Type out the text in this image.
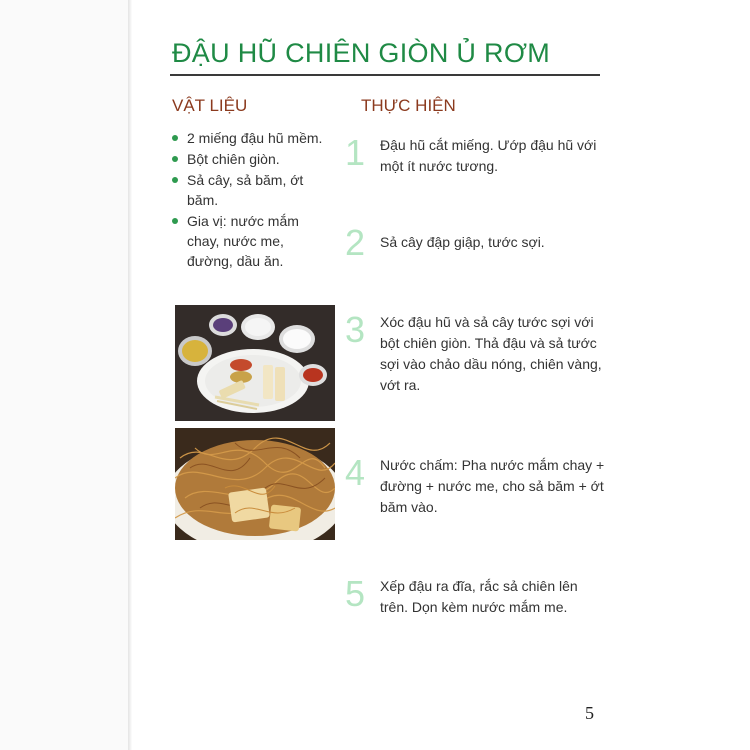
ĐẬU HŨ CHIÊN GIÒN Ủ RƠM
VẬT LIỆU	THỰC HIỆN
2 miếng đậu hũ mềm.
Bột chiên giòn.
Sả cây, sả băm, ớt băm.
Gia vị: nước mắm chay, nước me, đường, dầu ăn.
1 Đậu hũ cắt miếng. Ướp đậu hũ với một ít nước tương.
2 Sả cây đập giập, tước sợi.
3 Xóc đậu hũ và sả cây tước sợi với bột chiên giòn. Thả đậu và sả tước sợi vào chảo dầu nóng, chiên vàng, vớt ra.
4 Nước chấm: Pha nước mắm chay + đường + nước me, cho sả băm + ớt băm vào.
5 Xếp đậu ra đĩa, rắc sả chiên lên trên. Dọn kèm nước mắm me.
5
